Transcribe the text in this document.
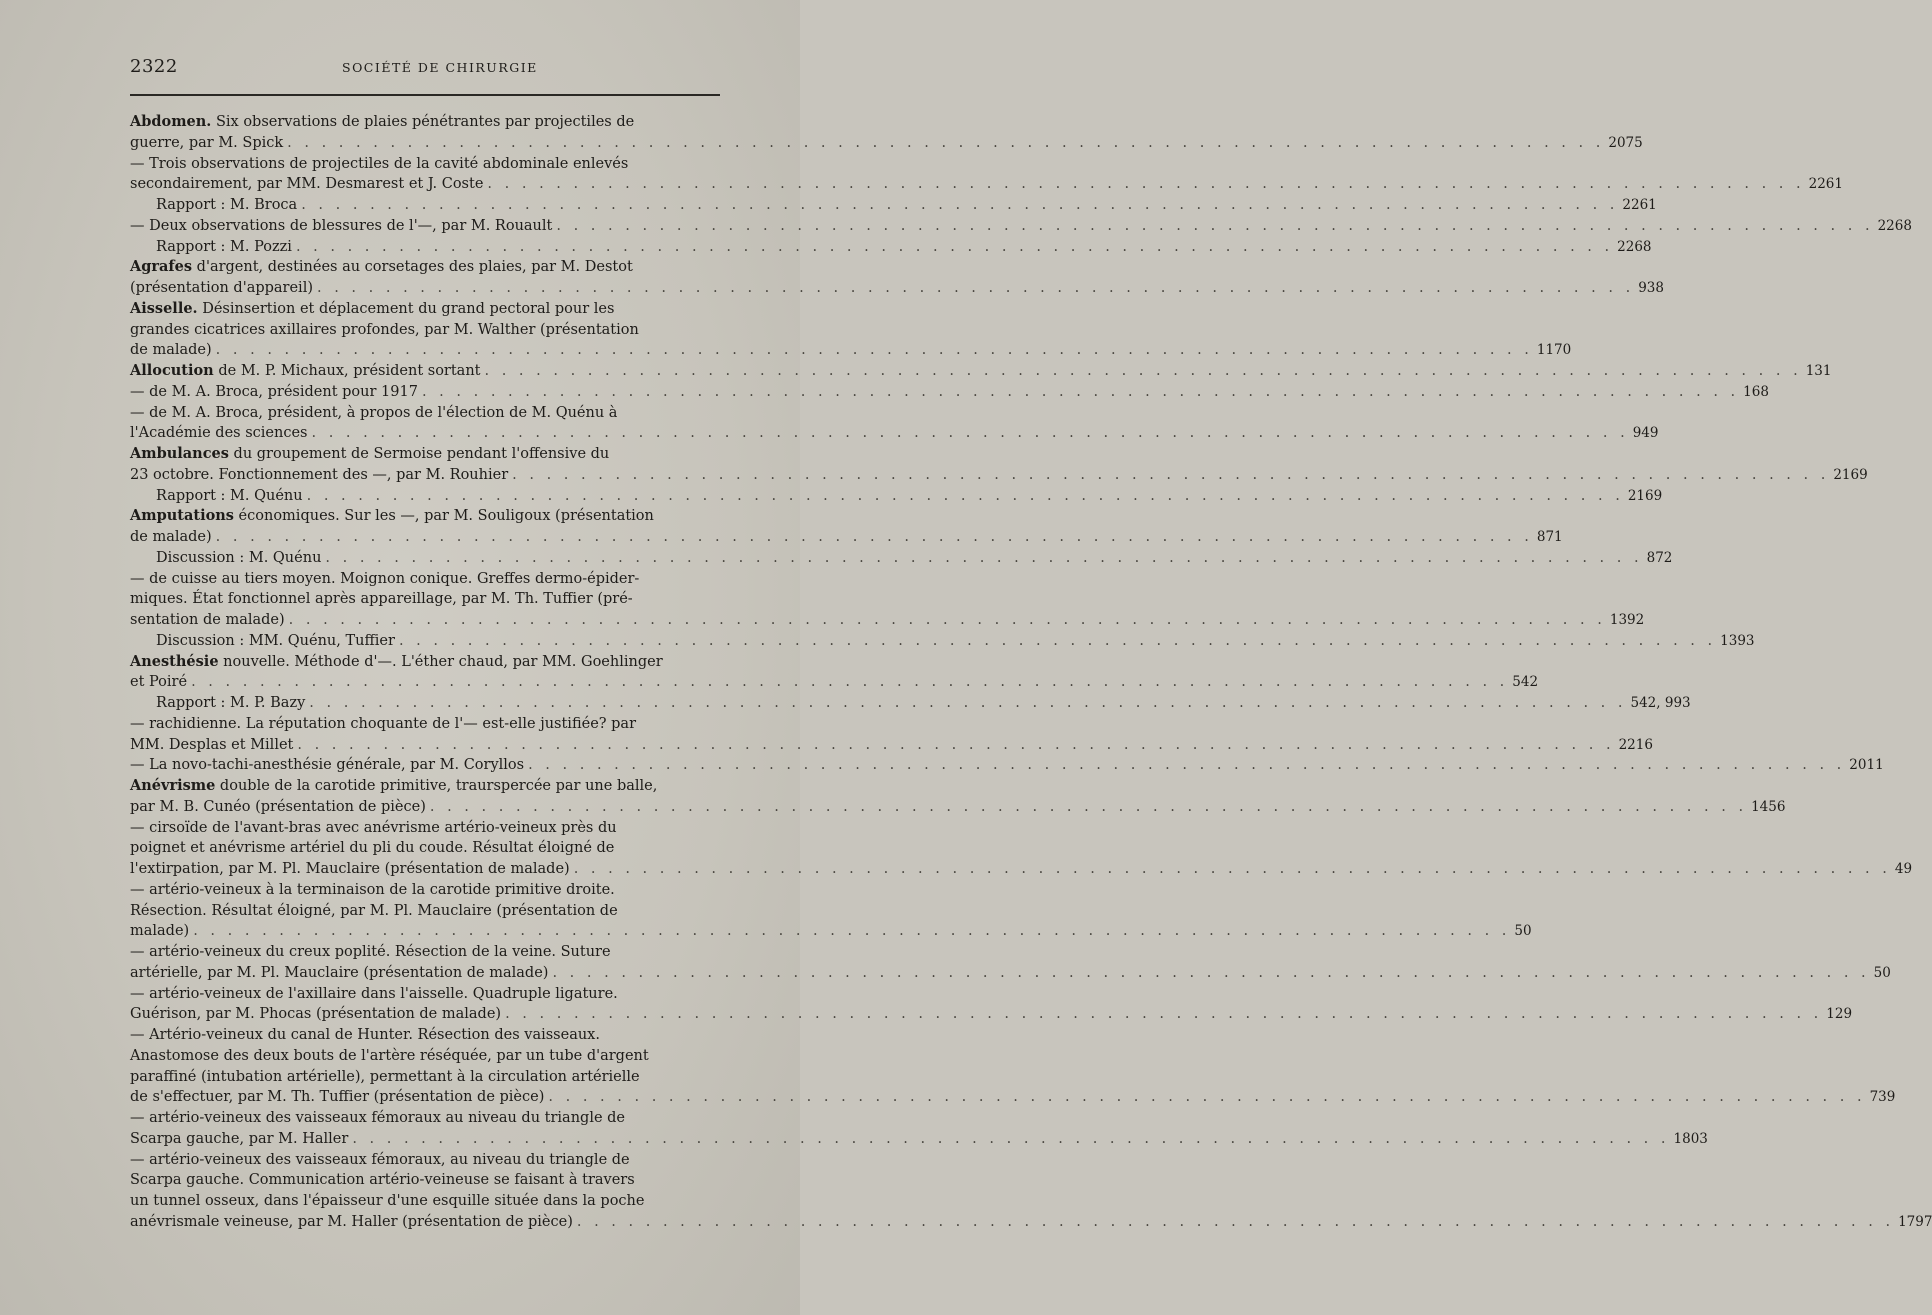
2322	SOCIÉTÉ DE CHIRURGIE
Abdomen. Six observations de plaies pénétrantes par projectiles de
guerre, par M. Spick . . .	2075
— Trois observations de projectiles de la cavité abdominale enlevés
secondairement, par MM. Desmarest et J. Coste . . .	2261
Rapport : M. Broca . . .	2261
— Deux observations de blessures de l'—, par M. Rouault . . .	2268
Rapport : M. Pozzi . . .	2268
Agrafes d'argent, destinées au corsetages des plaies, par M. Destot
(présentation d'appareil) . . .	938
Aisselle. Désinsertion et déplacement du grand pectoral pour les
grandes cicatrices axillaires profondes, par M. Walther (présentation
de malade) . . .	1170
Allocution de M. P. Michaux, président sortant . . .	131
— de M. A. Broca, président pour 1917 . . .	168
— de M. A. Broca, président, à propos de l'élection de M. Quénu à
l'Académie des sciences . . .	949
Ambulances du groupement de Sermoise pendant l'offensive du
23 octobre. Fonctionnement des —, par M. Rouhier . . .	2169
Rapport : M. Quénu . . .	2169
Amputations économiques. Sur les —, par M. Souligoux (présentation
de malade) . . .	871
Discussion : M. Quénu . . .	872
— de cuisse au tiers moyen. Moignon conique. Greffes dermo-épider-
miques. État fonctionnel après appareillage, par M. Th. Tuffier (pré-
sentation de malade) . . .	1392
Discussion : MM. Quénu, Tuffier . . .	1393
Anesthésie nouvelle. Méthode d'—. L'éther chaud, par MM. Goehlinger
et Poiré . . .	542
Rapport : M. P. Bazy . . .	542, 993
— rachidienne. La réputation choquante de l'— est-elle justifiée? par
MM. Desplas et Millet . . .	2216
— La novo-tachi-anesthésie générale, par M. Coryllos . . .	2011
Anévrisme double de la carotide primitive, traurspercée par une balle,
par M. B. Cunéo (présentation de pièce) . . .	1456
— cirsoïde de l'avant-bras avec anévrisme artério-veineux près du
poignet et anévrisme artériel du pli du coude. Résultat éloigné de
l'extirpation, par M. Pl. Mauclaire (présentation de malade) . . .	49
— artério-veineux à la terminaison de la carotide primitive droite.
Résection. Résultat éloigné, par M. Pl. Mauclaire (présentation de
malade) . . .	50
— artério-veineux du creux poplité. Résection de la veine. Suture
artérielle, par M. Pl. Mauclaire (présentation de malade) . . .	50
— artério-veineux de l'axillaire dans l'aisselle. Quadruple ligature.
Guérison, par M. Phocas (présentation de malade) . . .	129
— Artério-veineux du canal de Hunter. Résection des vaisseaux.
Anastomose des deux bouts de l'artère réséquée, par un tube d'argent
paraffiné (intubation artérielle), permettant à la circulation artérielle
de s'effectuer, par M. Th. Tuffier (présentation de pièce) . . .	739
— artério-veineux des vaisseaux fémoraux au niveau du triangle de
Scarpa gauche, par M. Haller . . .	1803
— artério-veineux des vaisseaux fémoraux, au niveau du triangle de
Scarpa gauche. Communication artério-veineuse se faisant à travers
un tunnel osseux, dans l'épaisseur d'une esquille située dans la poche
anévrismale veineuse, par M. Haller (présentation de pièce) . . .	1797
